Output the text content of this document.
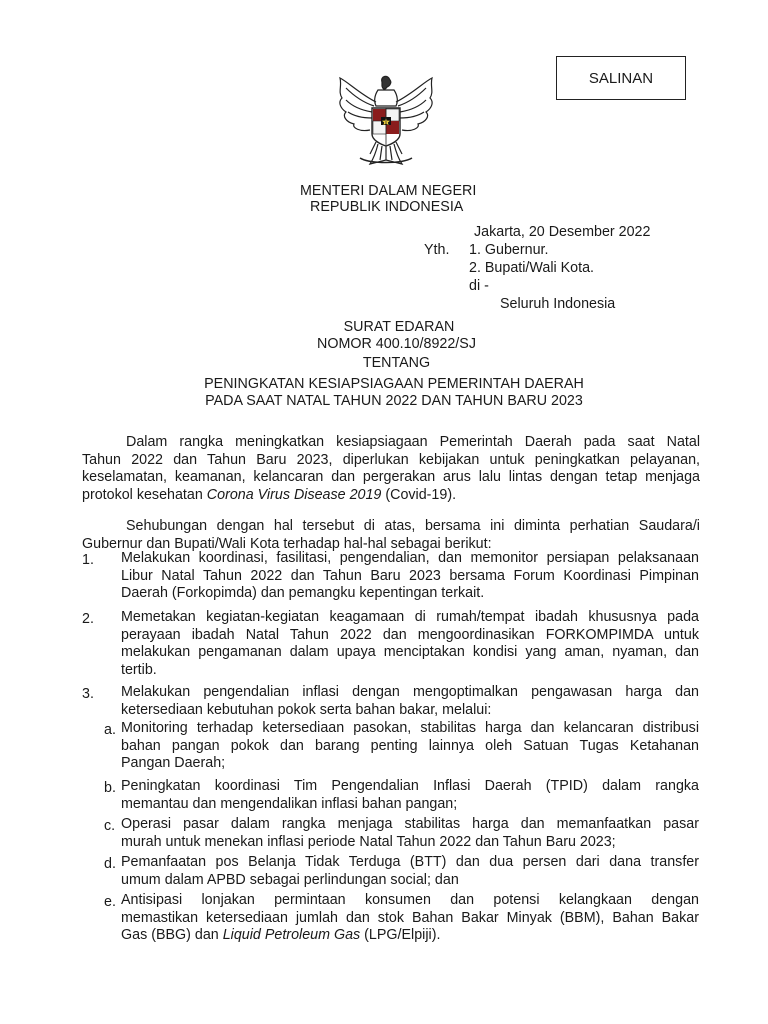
SALINAN
MENTERI DALAM NEGERI
REPUBLIK INDONESIA
Jakarta, 20 Desember 2022
Yth. 1. Gubernur.
2. Bupati/Wali Kota.
di -
Seluruh Indonesia
SURAT EDARAN
NOMOR 400.10/8922/SJ
TENTANG
PENINGKATAN KESIAPSIAGAAN PEMERINTAH DAERAH
PADA SAAT NATAL TAHUN 2022 DAN TAHUN BARU 2023
Dalam rangka meningkatkan kesiapsiagaan Pemerintah Daerah pada saat Natal
Tahun 2022 dan Tahun Baru 2023, diperlukan kebijakan untuk peningkatkan pelayanan,
keselamatan, keamanan, kelancaran dan pergerakan arus lalu lintas dengan tetap menjaga
protokol kesehatan Corona Virus Disease 2019 (Covid-19).
Sehubungan dengan hal tersebut di atas, bersama ini diminta perhatian Saudara/i
Gubernur dan Bupati/Wali Kota terhadap hal-hal sebagai berikut:
1. Melakukan koordinasi, fasilitasi, pengendalian, dan memonitor persiapan pelaksanaan
Libur Natal Tahun 2022 dan Tahun Baru 2023 bersama Forum Koordinasi Pimpinan
Daerah (Forkopimda) dan pemangku kepentingan terkait.
2. Memetakan kegiatan-kegiatan keagamaan di rumah/tempat ibadah khususnya pada
perayaan ibadah Natal Tahun 2022 dan mengoordinasikan FORKOMPIMDA untuk
melakukan pengamanan dalam upaya menciptakan kondisi yang aman, nyaman, dan
tertib.
3. Melakukan pengendalian inflasi dengan mengoptimalkan pengawasan harga dan
ketersediaan kebutuhan pokok serta bahan bakar, melalui:
a. Monitoring terhadap ketersediaan pasokan, stabilitas harga dan kelancaran distribusi
bahan pangan pokok dan barang penting lainnya oleh Satuan Tugas Ketahanan
Pangan Daerah;
b. Peningkatan koordinasi Tim Pengendalian Inflasi Daerah (TPID) dalam rangka
memantau dan mengendalikan inflasi bahan pangan;
c. Operasi pasar dalam rangka menjaga stabilitas harga dan memanfaatkan pasar
murah untuk menekan inflasi periode Natal Tahun 2022 dan Tahun Baru 2023;
d. Pemanfaatan pos Belanja Tidak Terduga (BTT) dan dua persen dari dana transfer
umum dalam APBD sebagai perlindungan social; dan
e. Antisipasi lonjakan permintaan konsumen dan potensi kelangkaan dengan
memastikan ketersediaan jumlah dan stok Bahan Bakar Minyak (BBM), Bahan Bakar
Gas (BBG) dan Liquid Petroleum Gas (LPG/Elpiji).
